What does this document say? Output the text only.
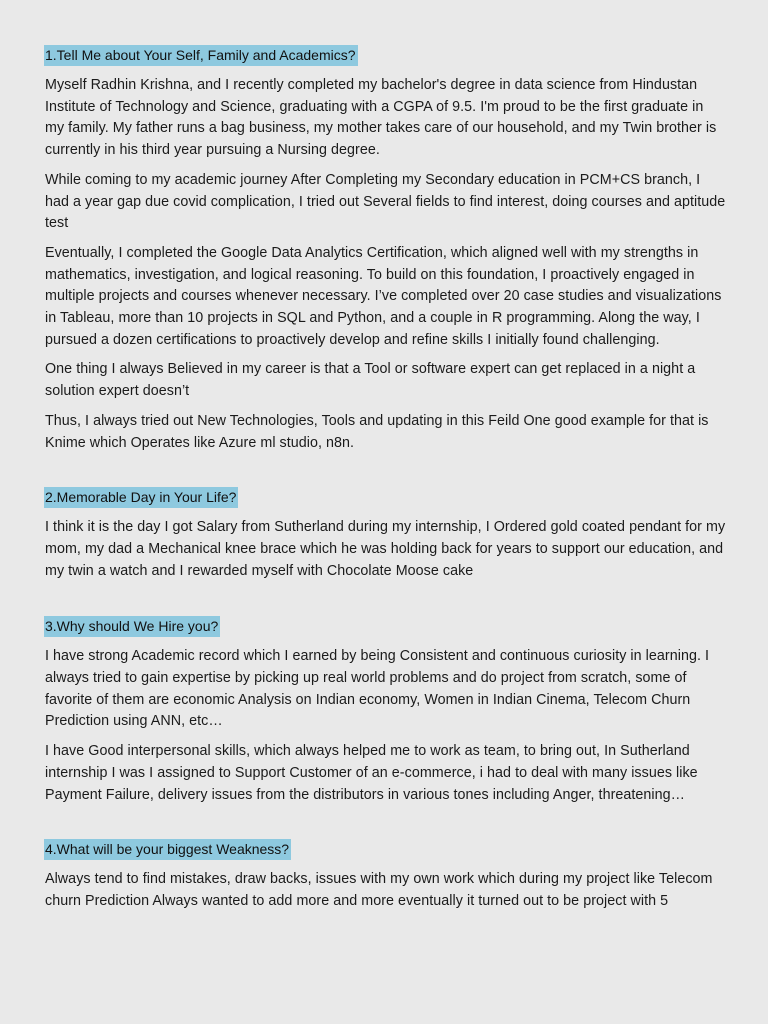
1.Tell Me about Your Self, Family and Academics?

Myself Radhin Krishna, and I recently completed my bachelor's degree in data science from Hindustan Institute of Technology and Science, graduating with a CGPA of 9.5. I'm proud to be the first graduate in my family. My father runs a bag business, my mother takes care of our household, and my Twin brother is currently in his third year pursuing a Nursing degree.

While coming to my academic journey After Completing my Secondary education in PCM+CS branch, I had a year gap due covid complication, I tried out Several fields to find interest, doing courses and aptitude test

Eventually, I completed the Google Data Analytics Certification, which aligned well with my strengths in mathematics, investigation, and logical reasoning. To build on this foundation, I proactively engaged in multiple projects and courses whenever necessary. I’ve completed over 20 case studies and visualizations in Tableau, more than 10 projects in SQL and Python, and a couple in R programming. Along the way, I pursued a dozen certifications to proactively develop and refine skills I initially found challenging.

One thing I always Believed in my career is that a Tool or software expert can get replaced in a night a solution expert doesn’t

Thus, I always tried out New Technologies, Tools and updating in this Feild One good example for that is Knime which Operates like Azure ml studio, n8n.

2.Memorable Day in Your Life?

I think it is the day I got Salary from Sutherland during my internship, I Ordered gold coated pendant for my mom, my dad a Mechanical knee brace which he was holding back for years to support our education, and my twin a watch and I rewarded myself with Chocolate Moose cake

3.Why should We Hire you?

I have strong Academic record which I earned by being Consistent and continuous curiosity in learning. I always tried to gain expertise by picking up real world problems and do project from scratch, some of favorite of them are economic Analysis on Indian economy, Women in Indian Cinema, Telecom Churn Prediction using ANN, etc…

I have Good interpersonal skills, which always helped me to work as team, to bring out, In Sutherland internship I was I assigned to Support Customer of an e-commerce, i had to deal with many issues like Payment Failure, delivery issues from the distributors in various tones including Anger, threatening…

4.What will be your biggest Weakness?

Always tend to find mistakes, draw backs, issues with my own work which during my project like Telecom churn Prediction Always wanted to add more and more eventually it turned out to be project with 5
